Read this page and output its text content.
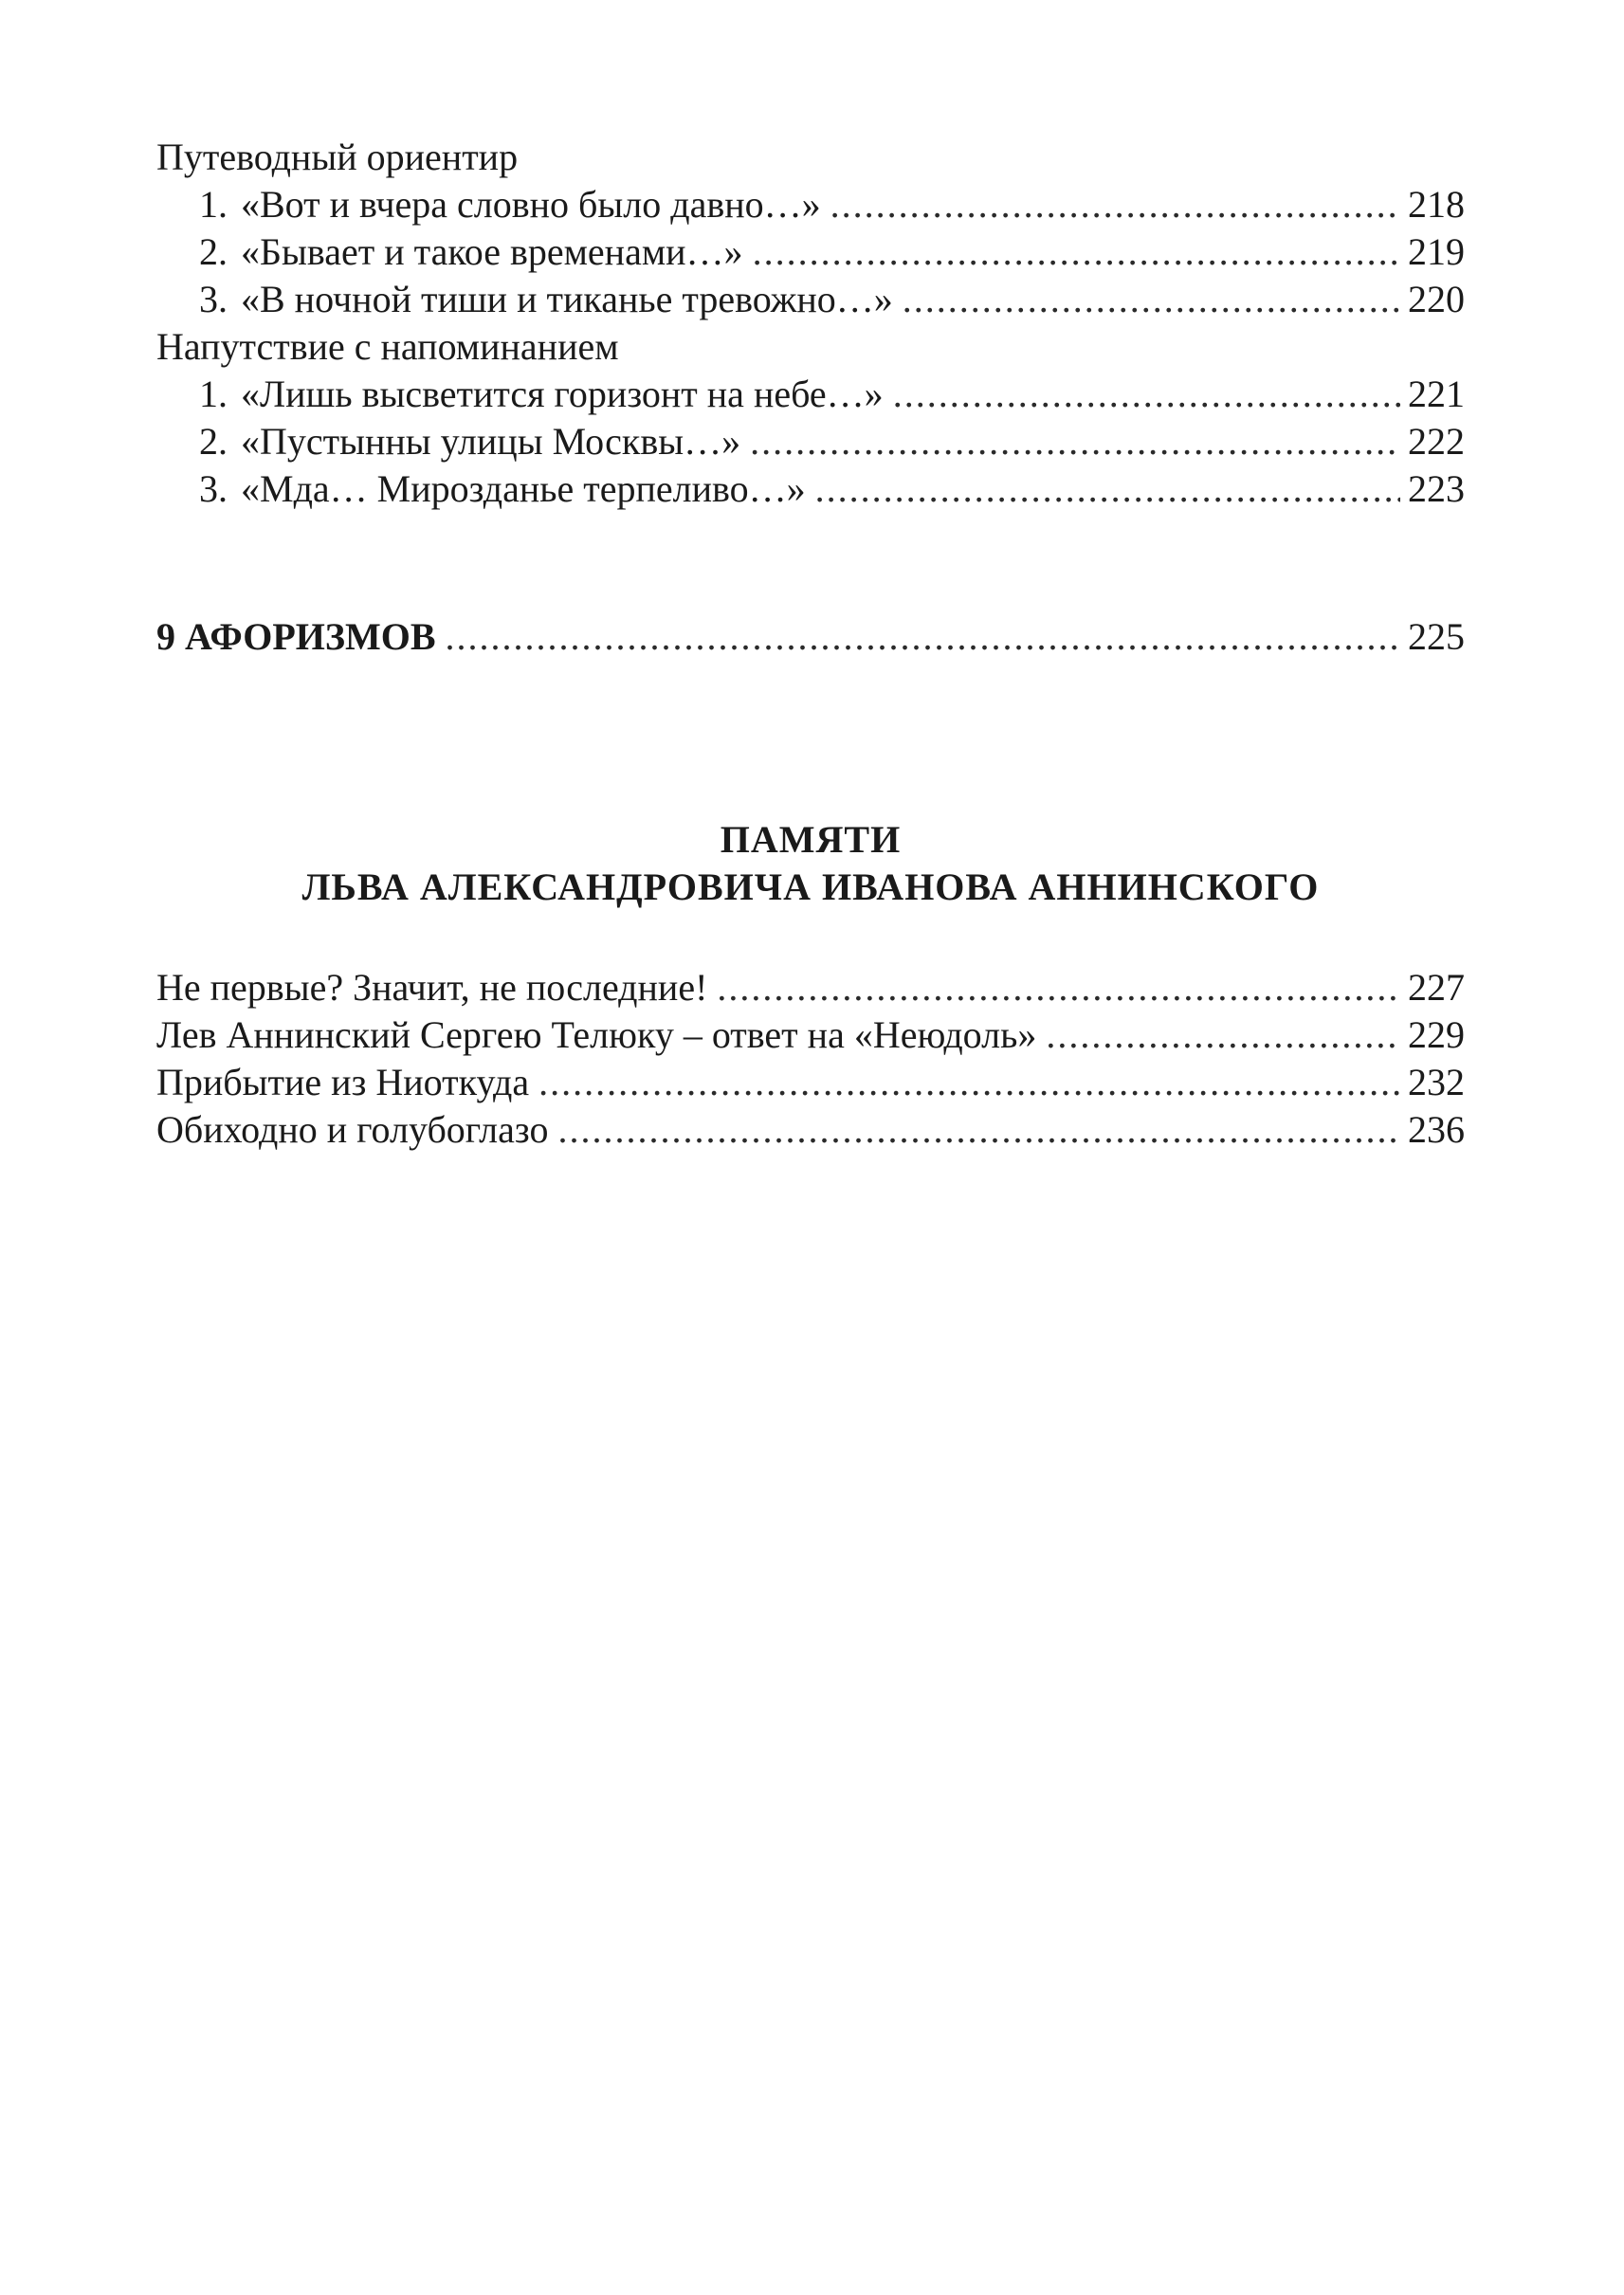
Путеводный ориентир
1. «Вот и вчера словно было давно…» .....	218
2. «Бывает и такое временами…» .....	219
3. «В ночной тиши и тиканье тревожно…» .....	220
Напутствие с напоминанием
1. «Лишь высветится горизонт на небе…» .....	221
2. «Пустынны улицы Москвы…» .....	222
3. «Мда… Мирозданье терпеливо…» .....	223
9 АФОРИЗМОВ .....	225
ПАМЯТИ
ЛЬВА АЛЕКСАНДРОВИЧА ИВАНОВА АННИНСКОГО
Не первые? Значит, не последние! .....	227
Лев Аннинский Сергею Телюку – ответ на «Неюдоль» .....	229
Прибытие из Ниоткуда .....	232
Обиходно и голубоглазо .....	236
